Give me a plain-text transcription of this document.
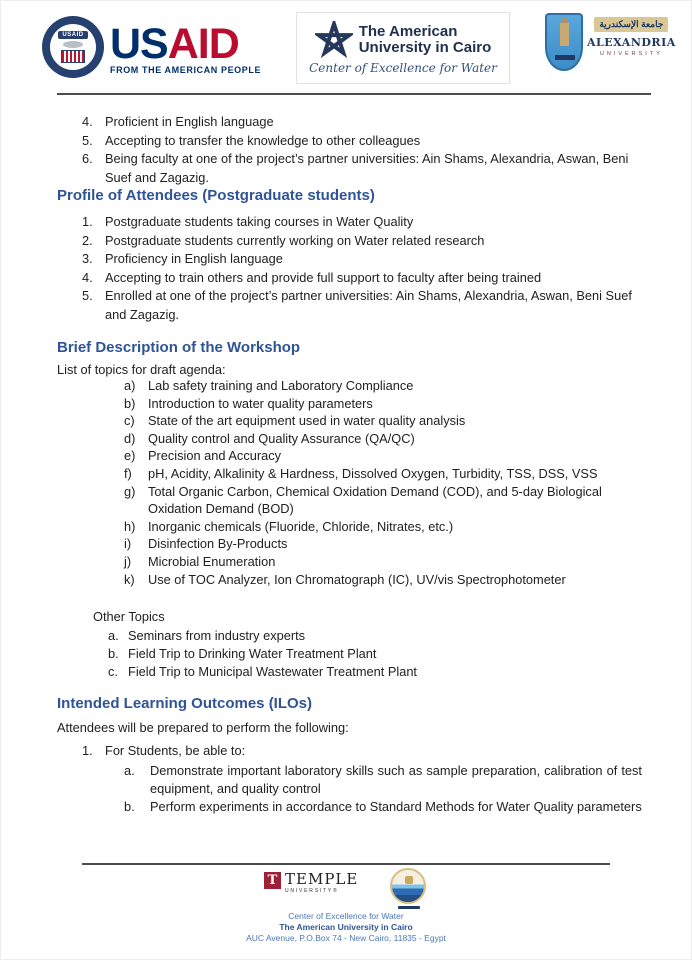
USAID USAID
FROM THE AMERICAN PEOPLE
The American
University in Cairo
Center of Excellence for Water
جامعة الإسكندرية
ALEXANDRIA
UNIVERSITY
4. Proficient in English language
5. Accepting to transfer the knowledge to other colleagues
6. Being faculty at one of the project’s partner universities: Ain Shams, Alexandria, Aswan, Beni Suef and Zagazig.
Profile of Attendees (Postgraduate students)
1. Postgraduate students taking courses in Water Quality
2. Postgraduate students currently working on Water related research
3. Proficiency in English language
4. Accepting to train others and provide full support to faculty after being trained
5. Enrolled at one of the project’s partner universities: Ain Shams, Alexandria, Aswan, Beni Suef and Zagazig.
Brief Description of the Workshop
List of topics for draft agenda:
a) Lab safety training and Laboratory Compliance
b) Introduction to water quality parameters
c)	State of the art equipment used in water quality analysis
d) Quality control and Quality Assurance (QA/QC)
e) Precision and Accuracy
f)	pH, Acidity, Alkalinity & Hardness, Dissolved Oxygen, Turbidity, TSS, DSS, VSS
g) Total Organic Carbon, Chemical Oxidation Demand (COD), and 5-day Biological Oxidation Demand (BOD)
h) Inorganic chemicals (Fluoride, Chloride, Nitrates, etc.)
i)	Disinfection By-Products
j)	Microbial Enumeration
k)	Use of TOC Analyzer, Ion Chromatograph (IC), UV/vis Spectrophotometer
Other Topics
a. Seminars from industry experts
b. Field Trip to Drinking Water Treatment Plant
c. Field Trip to Municipal Wastewater Treatment Plant
Intended Learning Outcomes (ILOs)
Attendees will be prepared to perform the following:
1. For Students, be able to:
a.	Demonstrate important laboratory skills such as sample preparation, calibration of test equipment, and quality control
b.	Perform experiments in accordance to Standard Methods for Water Quality parameters
T TEMPLE
UNIVERSITY®
Center of Excellence for Water
The American University in Cairo
AUC Avenue, P.O.Box 74 - New Cairo, 11835 - Egypt
